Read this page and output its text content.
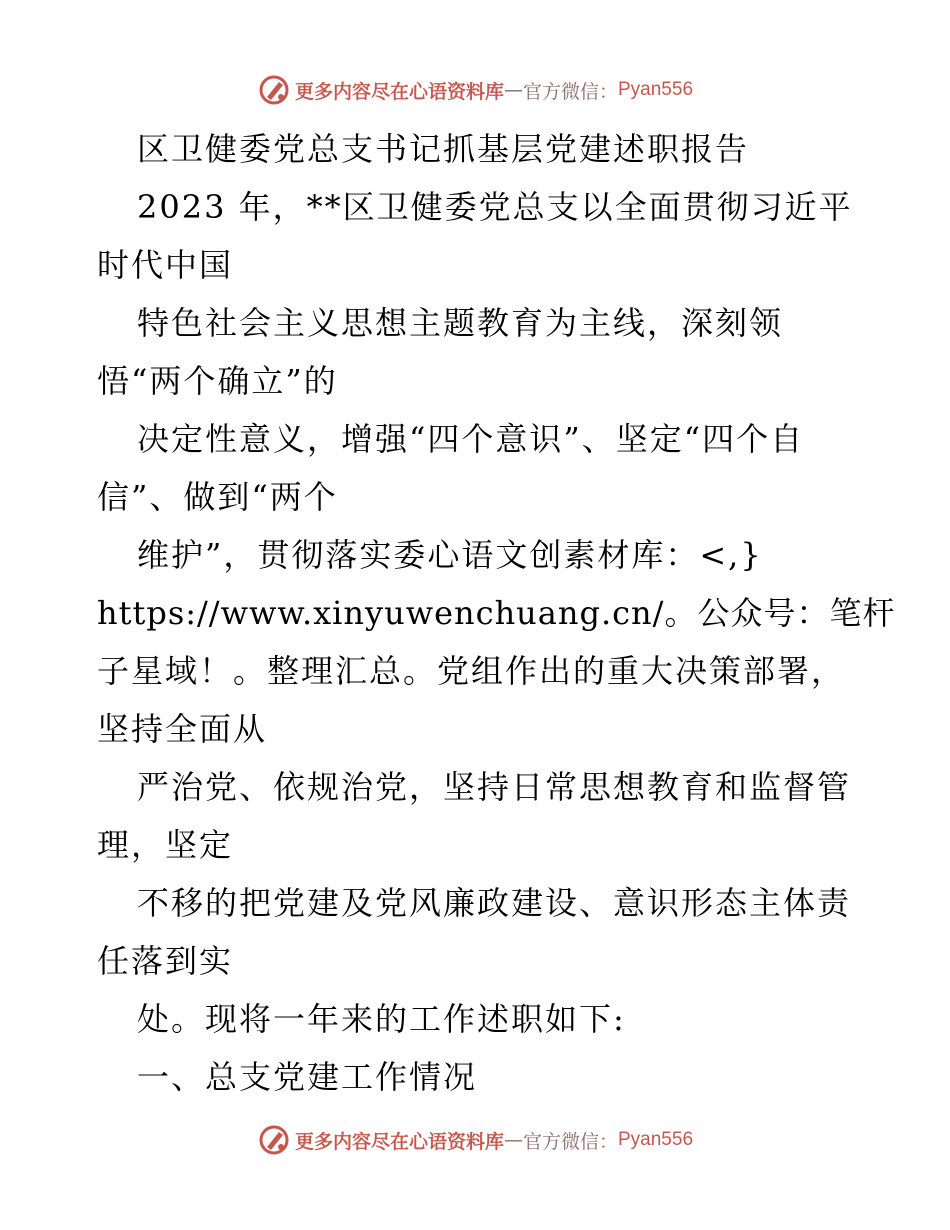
更多内容尽在心语资料库 — 官方微信： Pyan556
区卫健委党总支书记抓基层党建述职报告
2023 年，**区卫健委党总支以全面贯彻习近平
时代中国
特色社会主义思想主题教育为主线，深刻领
悟“两个确立”的
决定性意义，增强“四个意识”、坚定“四个自
信”、做到“两个
维护”，贯彻落实委心语文创素材库：<,}
https://www.xinyuwenchuang.cn/。公众号：笔杆
子星域！。整理汇总。党组作出的重大决策部署，
坚持全面从
严治党、依规治党，坚持日常思想教育和监督管
理，坚定
不移的把党建及党风廉政建设、意识形态主体责
任落到实
处。现将一年来的工作述职如下:
一、总支党建工作情况
更多内容尽在心语资料库 — 官方微信： Pyan556
